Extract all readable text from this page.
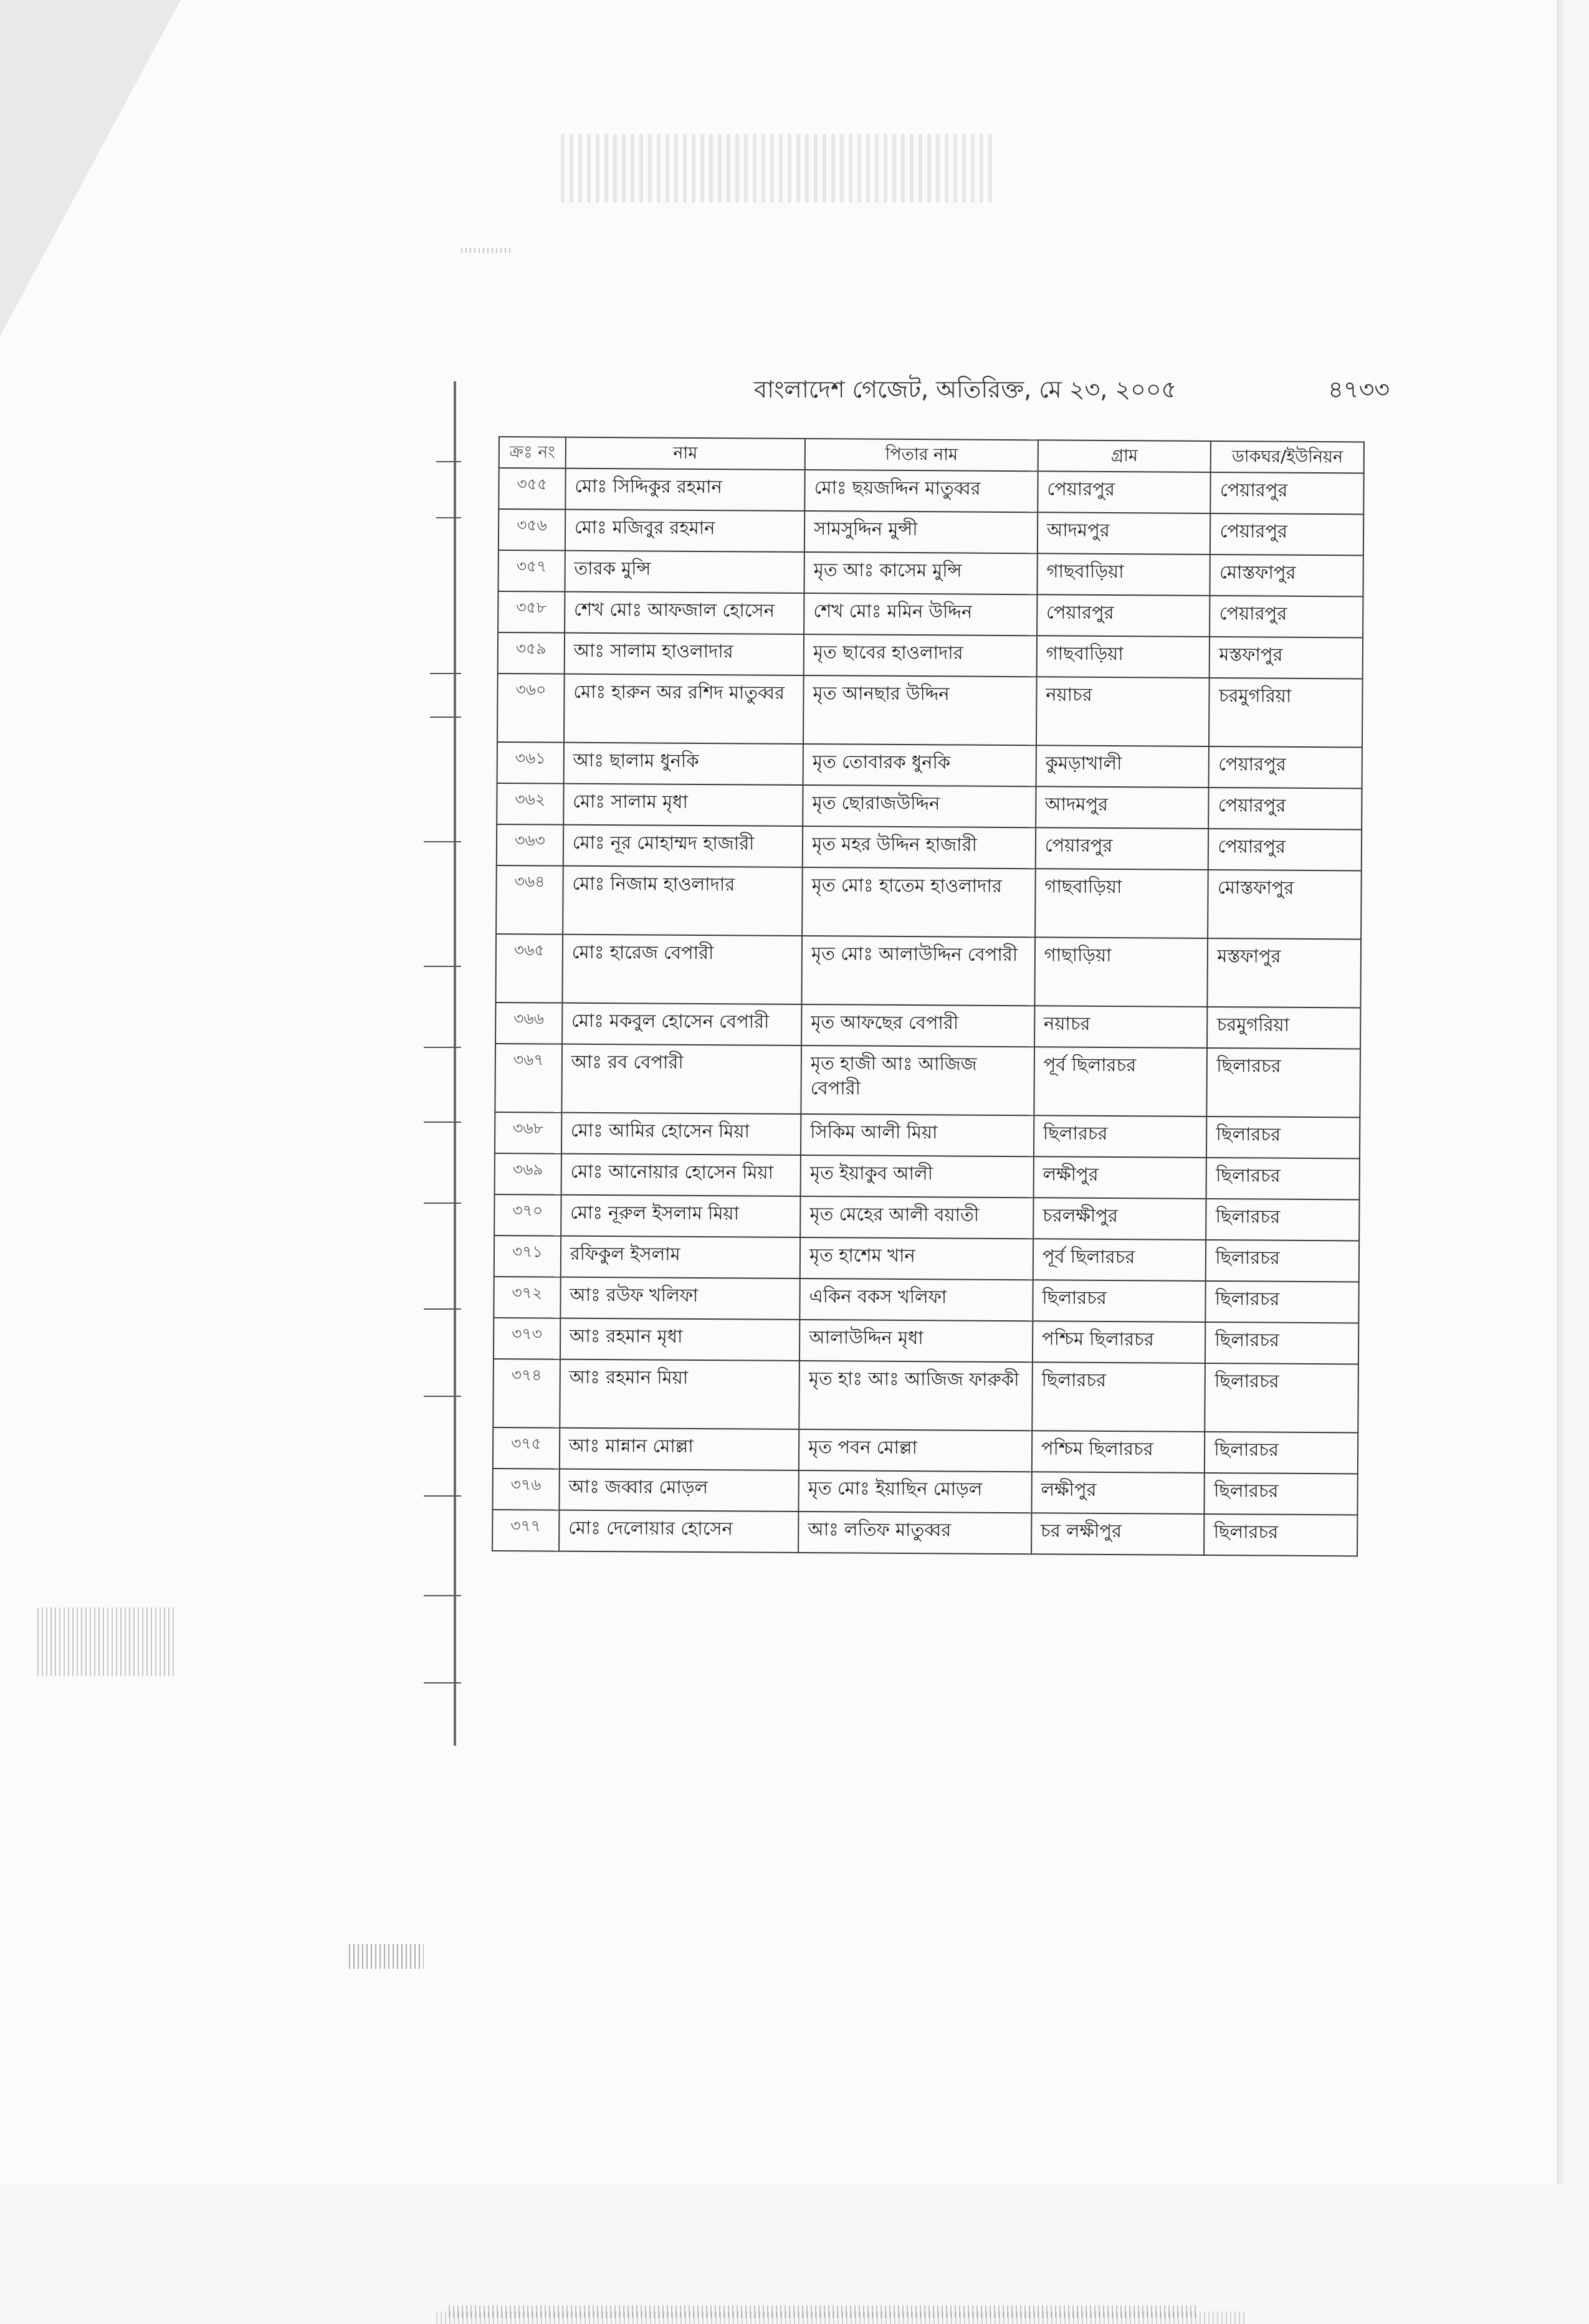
বাংলাদেশ গেজেট, অতিরিক্ত, মে ২৩, ২০০৫	৪৭৩৩
ক্রঃ নং	নাম	পিতার নাম	গ্রাম	ডাকঘর/ইউনিয়ন
৩৫৫	মোঃ সিদ্দিকুর রহমান	মোঃ ছয়জদ্দিন মাতুব্বর	পেয়ারপুর	পেয়ারপুর
৩৫৬	মোঃ মজিবুর রহমান	সামসুদ্দিন মুন্সী	আদমপুর	পেয়ারপুর
৩৫৭	তারক মুন্সি	মৃত আঃ কাসেম মুন্সি	গাছবাড়িয়া	মোস্তফাপুর
৩৫৮	শেখ মোঃ আফজাল হোসেন	শেখ মোঃ মমিন উদ্দিন	পেয়ারপুর	পেয়ারপুর
৩৫৯	আঃ সালাম হাওলাদার	মৃত ছাবের হাওলাদার	গাছবাড়িয়া	মস্তফাপুর
৩৬০	মোঃ হারুন অর রশিদ মাতুব্বর	মৃত আনছার উদ্দিন	নয়াচর	চরমুগরিয়া
৩৬১	আঃ ছালাম ধুনকি	মৃত তোবারক ধুনকি	কুমড়াখালী	পেয়ারপুর
৩৬২	মোঃ সালাম মৃধা	মৃত ছোরাজউদ্দিন	আদমপুর	পেয়ারপুর
৩৬৩	মোঃ নূর মোহাম্মদ হাজারী	মৃত মহর উদ্দিন হাজারী	পেয়ারপুর	পেয়ারপুর
৩৬৪	মোঃ নিজাম হাওলাদার	মৃত মোঃ হাতেম হাওলাদার	গাছবাড়িয়া	মোস্তফাপুর
৩৬৫	মোঃ হারেজ বেপারী	মৃত মোঃ আলাউদ্দিন বেপারী	গাছাড়িয়া	মস্তফাপুর
৩৬৬	মোঃ মকবুল হোসেন বেপারী	মৃত আফছের বেপারী	নয়াচর	চরমুগরিয়া
৩৬৭	আঃ রব বেপারী	মৃত হাজী আঃ আজিজ বেপারী	পূর্ব ছিলারচর	ছিলারচর
৩৬৮	মোঃ আমির হোসেন মিয়া	সিকিম আলী মিয়া	ছিলারচর	ছিলারচর
৩৬৯	মোঃ আনোয়ার হোসেন মিয়া	মৃত ইয়াকুব আলী	লক্ষীপুর	ছিলারচর
৩৭০	মোঃ নূরুল ইসলাম মিয়া	মৃত মেহের আলী বয়াতী	চরলক্ষীপুর	ছিলারচর
৩৭১	রফিকুল ইসলাম	মৃত হাশেম খান	পূর্ব ছিলারচর	ছিলারচর
৩৭২	আঃ রউফ খলিফা	একিন বকস খলিফা	ছিলারচর	ছিলারচর
৩৭৩	আঃ রহমান মৃধা	আলাউদ্দিন মৃধা	পশ্চিম ছিলারচর	ছিলারচর
৩৭৪	আঃ রহমান মিয়া	মৃত হাঃ আঃ আজিজ ফারুকী	ছিলারচর	ছিলারচর
৩৭৫	আঃ মান্নান মোল্লা	মৃত পবন মোল্লা	পশ্চিম ছিলারচর	ছিলারচর
৩৭৬	আঃ জব্বার মোড়ল	মৃত মোঃ ইয়াছিন মোড়ল	লক্ষীপুর	ছিলারচর
৩৭৭	মোঃ দেলোয়ার হোসেন	আঃ লতিফ মাতুব্বর	চর লক্ষীপুর	ছিলারচর
